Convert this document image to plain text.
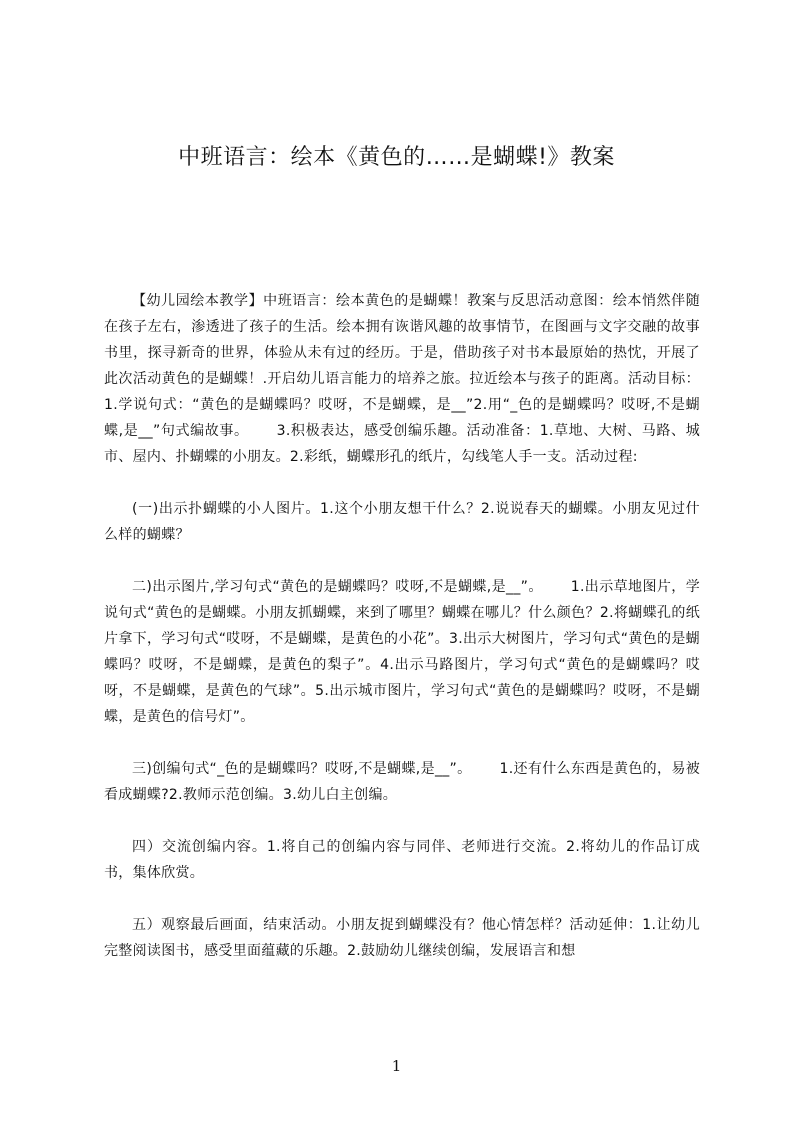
中班语言：绘本《黄色的……是蝴蝶!》教案

【幼儿园绘本教学】中班语言：绘本黄色的是蝴蝶！教案与反思活动意图：绘本悄然伴随在孩子左右，渗透进了孩子的生活。绘本拥有诙谐风趣的故事情节，在图画与文字交融的故事书里，探寻新奇的世界，体验从未有过的经历。于是，借助孩子对书本最原始的热忱，开展了此次活动黄色的是蝴蝶！.开启幼儿语言能力的培养之旅。拉近绘本与孩子的距离。活动目标：1.学说句式：“黄色的是蝴蝶吗？哎呀，不是蝴蝶，是__”2.用“_色的是蝴蝶吗？哎呀,不是蝴蝶,是__”句式编故事。 3.积极表达，感受创编乐趣。活动准备：1.草地、大树、马路、城市、屋内、扑蝴蝶的小朋友。2.彩纸，蝴蝶形孔的纸片，勾线笔人手一支。活动过程:

(一)出示扑蝴蝶的小人图片。1.这个小朋友想干什么？2.说说春天的蝴蝶。小朋友见过什么样的蝴蝶？

二)出示图片,学习句式“黄色的是蝴蝶吗？哎呀,不是蝴蝶,是__”。 1.出示草地图片，学说句式“黄色的是蝴蝶。小朋友抓蝴蝶，来到了哪里？蝴蝶在哪儿？什么颜色？2.将蝴蝶孔的纸片拿下，学习句式“哎呀，不是蝴蝶，是黄色的小花”。3.出示大树图片，学习句式“黄色的是蝴蝶吗？哎呀，不是蝴蝶，是黄色的梨子”。4.出示马路图片，学习句式“黄色的是蝴蝶吗？哎呀，不是蝴蝶，是黄色的气球”。5.出示城市图片，学习句式“黄色的是蝴蝶吗？哎呀，不是蝴蝶，是黄色的信号灯”。

三)创编句式“_色的是蝴蝶吗？哎呀,不是蝴蝶,是__”。 1.还有什么东西是黄色的，易被看成蝴蝶?2.教师示范创编。3.幼儿白主创编。

四）交流创编内容。1.将自己的创编内容与同伴、老师进行交流。2.将幼儿的作品订成书，集体欣赏。

五）观察最后画面，结束活动。小朋友捉到蝴蝶没有？他心情怎样？活动延伸：1.让幼儿完整阅读图书，感受里面蕴藏的乐趣。2.鼓励幼儿继续创编，发展语言和想

1
